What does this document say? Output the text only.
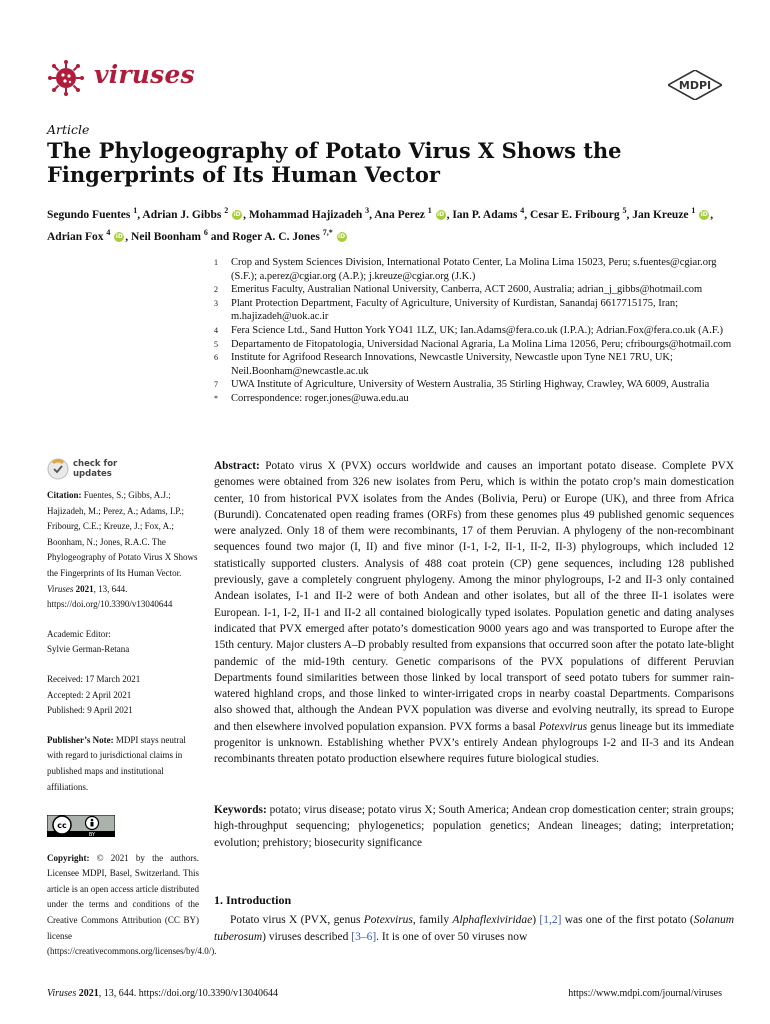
viruses	MDPI
Article
The Phylogeography of Potato Virus X Shows the Fingerprints of Its Human Vector
Segundo Fuentes $^1$, Adrian J. Gibbs $^2$ iD , Mohammad Hajizadeh $^3$, Ana Perez $^1$ iD , Ian P. Adams $^4$, Cesar E. Fribourg $^5$, Jan Kreuze $^1$ iD , Adrian Fox $^4$ iD , Neil Boonham $^6$ and Roger A. C. Jones $^{7,*}$ iD
1	Crop and System Sciences Division, International Potato Center, La Molina Lima 15023, Peru; s.fuentes@cgiar.org (S.F.); a.perez@cgiar.org (A.P.); j.kreuze@cgiar.org (J.K.)
2	Emeritus Faculty, Australian National University, Canberra, ACT 2600, Australia; adrian_j_gibbs@hotmail.com
3	Plant Protection Department, Faculty of Agriculture, University of Kurdistan, Sanandaj 6617715175, Iran; m.hajizadeh@uok.ac.ir
4	Fera Science Ltd., Sand Hutton York YO41 1LZ, UK; Ian.Adams@fera.co.uk (I.P.A.); Adrian.Fox@fera.co.uk (A.F.)
5	Departamento de Fitopatologia, Universidad Nacional Agraria, La Molina Lima 12056, Peru; cfribourgs@hotmail.com
6	Institute for Agrifood Research Innovations, Newcastle University, Newcastle upon Tyne NE1 7RU, UK; Neil.Boonham@newcastle.ac.uk
7	UWA Institute of Agriculture, University of Western Australia, 35 Stirling Highway, Crawley, WA 6009, Australia
*	Correspondence: roger.jones@uwa.edu.au
check for
updates
Citation: Fuentes, S.; Gibbs, A.J.; Hajizadeh, M.; Perez, A.; Adams, I.P.; Fribourg, C.E.; Kreuze, J.; Fox, A.; Boonham, N.; Jones, R.A.C. The Phylogeography of Potato Virus X Shows the Fingerprints of Its Human Vector. Viruses 2021, 13, 644. https://doi.org/10.3390/v13040644
Academic Editor:
Sylvie German-Retana
Received: 17 March 2021
Accepted: 2 April 2021
Published: 9 April 2021
Publisher’s Note: MDPI stays neutral with regard to jurisdictional claims in published maps and institutional affiliations.
cc
BY
Copyright: © 2021 by the authors. Licensee MDPI, Basel, Switzerland. This article is an open access article distributed under the terms and conditions of the Creative Commons Attribution (CC BY) license (https://creativecommons.org/licenses/by/4.0/).
Abstract: Potato virus X (PVX) occurs worldwide and causes an important potato disease. Complete PVX genomes were obtained from 326 new isolates from Peru, which is within the potato crop’s main domestication center, 10 from historical PVX isolates from the Andes (Bolivia, Peru) or Europe (UK), and three from Africa (Burundi). Concatenated open reading frames (ORFs) from these genomes plus 49 published genomic sequences were analyzed. Only 18 of them were recombinants, 17 of them Peruvian. A phylogeny of the non-recombinant sequences found two major (I, II) and five minor (I-1, I-2, II-1, II-2, II-3) phylogroups, which included 12 statistically supported clusters. Analysis of 488 coat protein (CP) gene sequences, including 128 published previously, gave a completely congruent phylogeny. Among the minor phylogroups, I-2 and II-3 only contained Andean isolates, I-1 and II-2 were of both Andean and other isolates, but all of the three II-1 isolates were European. I-1, I-2, II-1 and II-2 all contained biologically typed isolates. Population genetic and dating analyses indicated that PVX emerged after potato’s domestication 9000 years ago and was transported to Europe after the 15th century. Major clusters A–D probably resulted from expansions that occurred soon after the potato late-blight pandemic of the mid-19th century. Genetic comparisons of the PVX populations of different Peruvian Departments found similarities between those linked by local transport of seed potato tubers for summer rain-watered highland crops, and those linked to winter-irrigated crops in nearby coastal Departments. Comparisons also showed that, although the Andean PVX population was diverse and evolving neutrally, its spread to Europe and then elsewhere involved population expansion. PVX forms a basal Potexvirus genus lineage but its immediate progenitor is unknown. Establishing whether PVX’s entirely Andean phylogroups I-2 and II-3 and its Andean recombinants threaten potato production elsewhere requires future biological studies.
Keywords: potato; virus disease; potato virus X; South America; Andean crop domestication center; strain groups; high-throughput sequencing; phylogenetics; population genetics; Andean lineages; dating; interpretation; evolution; prehistory; biosecurity significance
1. Introduction
Potato virus X (PVX, genus Potexvirus, family Alphaflexiviridae) [1,2] was one of the first potato (Solanum tuberosum) viruses described [3–6]. It is one of over 50 viruses now
Viruses 2021, 13, 644. https://doi.org/10.3390/v13040644	https://www.mdpi.com/journal/viruses
